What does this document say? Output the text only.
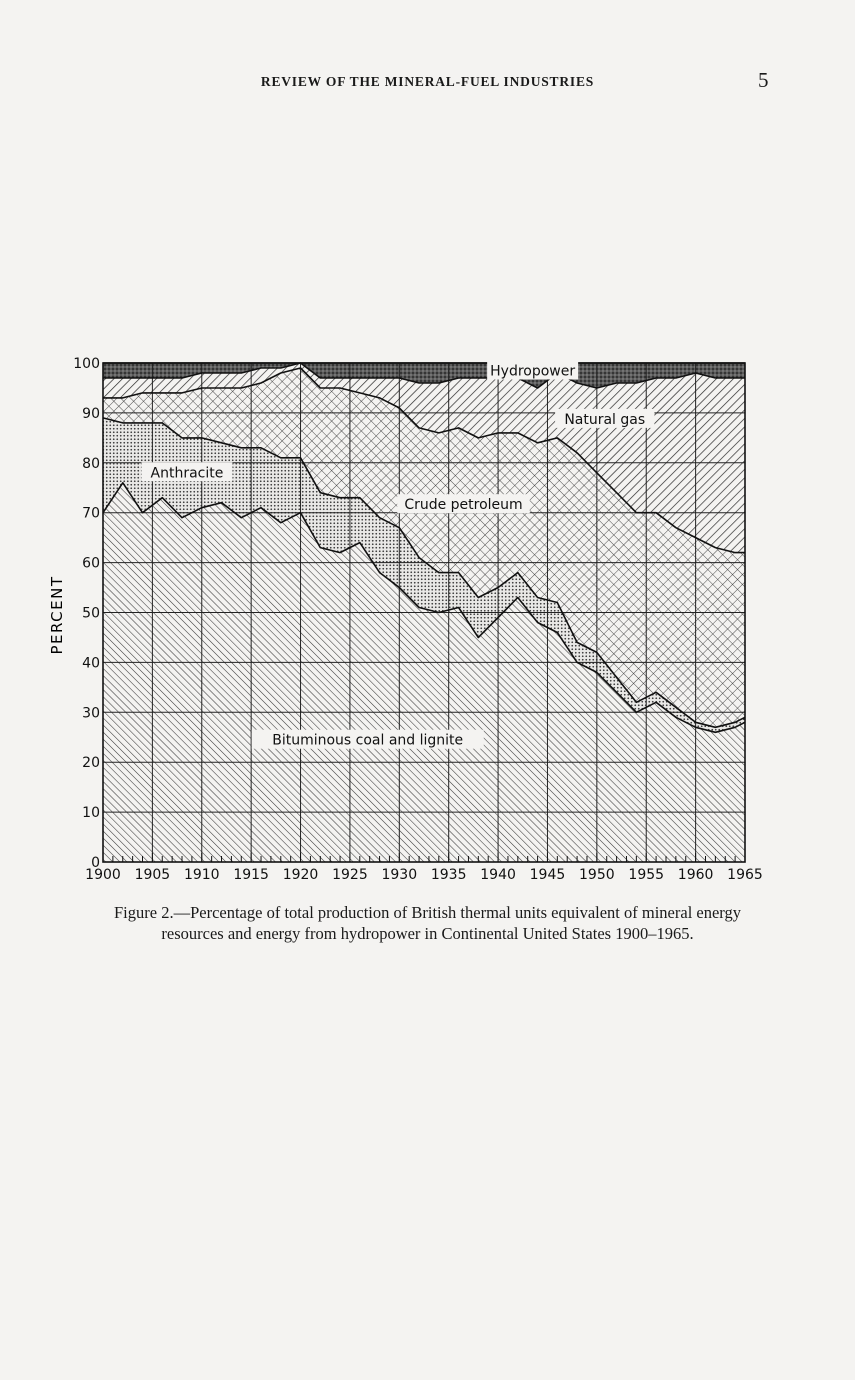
REVIEW OF THE MINERAL-FUEL INDUSTRIES	5
1900 1905 1910 1915 1920 1925 1930 1935 1940 1945 1950 1955 1960 1965
0
10
20
30
40
50
60
70
80
90
100	Hydropower
Natural gas
Anthracite
Crude petroleum
Bituminous coal and lignite
PERCENT
Figure 2.—Percentage of total production of British thermal units equivalent of mineral energy resources and energy from hydropower in Continental United States 1900–1965.
